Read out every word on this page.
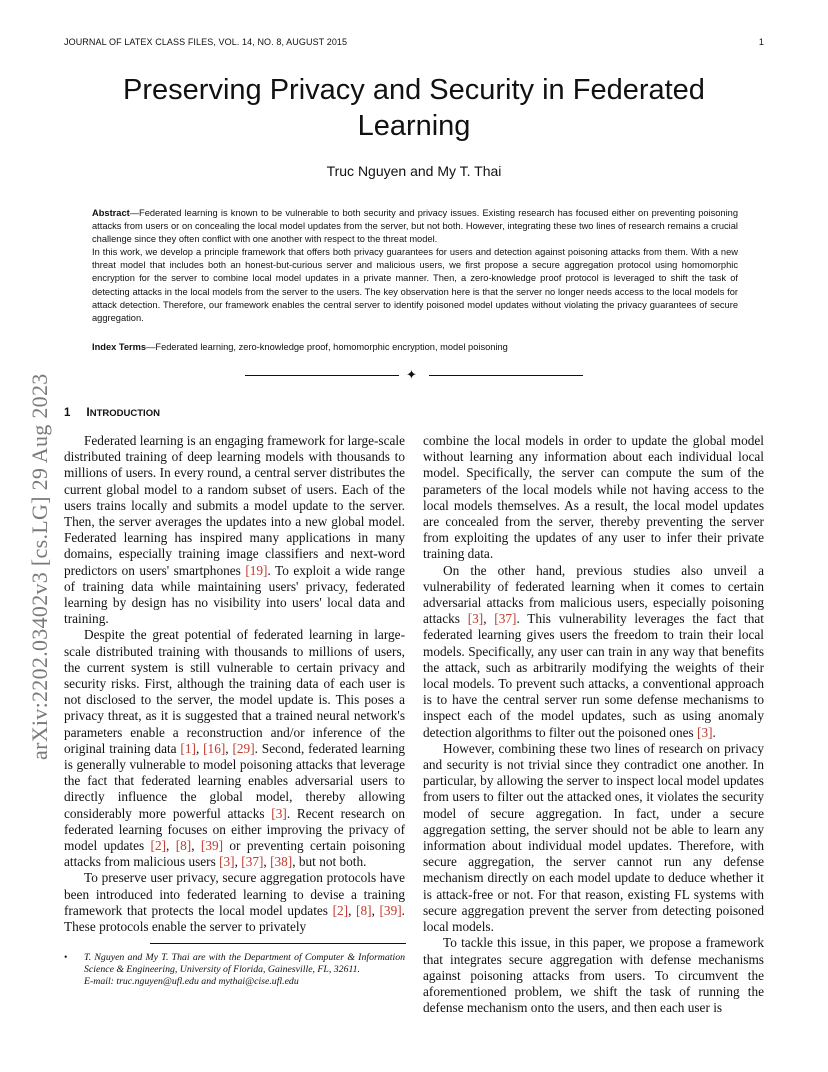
JOURNAL OF LATEX CLASS FILES, VOL. 14, NO. 8, AUGUST 2015	1
Preserving Privacy and Security in Federated Learning
Truc Nguyen and My T. Thai

Abstract—Federated learning is known to be vulnerable to both security and privacy issues. Existing research has focused either on preventing poisoning attacks from users or on concealing the local model updates from the server, but not both. However, integrating these two lines of research remains a crucial challenge since they often conflict with one another with respect to the threat model.

In this work, we develop a principle framework that offers both privacy guarantees for users and detection against poisoning attacks from them. With a new threat model that includes both an honest-but-curious server and malicious users, we first propose a secure aggregation protocol using homomorphic encryption for the server to combine local model updates in a private manner. Then, a zero-knowledge proof protocol is leveraged to shift the task of detecting attacks in the local models from the server to the users. The key observation here is that the server no longer needs access to the local models for attack detection. Therefore, our framework enables the central server to identify poisoned model updates without violating the privacy guarantees of secure aggregation.

Index Terms—Federated learning, zero-knowledge proof, homomorphic encryption, model poisoning
✦
1 INTRODUCTION

Federated learning is an engaging framework for large-scale distributed training of deep learning models with thousands to millions of users. In every round, a central server distributes the current global model to a random subset of users. Each of the users trains locally and submits a model update to the server. Then, the server averages the updates into a new global model. Federated learning has inspired many applications in many domains, especially training image classifiers and next-word predictors on users' smartphones [19]. To exploit a wide range of training data while maintaining users' privacy, federated learning by design has no visibility into users' local data and training.

Despite the great potential of federated learning in large-scale distributed training with thousands to millions of users, the current system is still vulnerable to certain privacy and security risks. First, although the training data of each user is not disclosed to the server, the model update is. This poses a privacy threat, as it is suggested that a trained neural network's parameters enable a reconstruction and/or inference of the original training data [1], [16], [29]. Second, federated learning is generally vulnerable to model poisoning attacks that leverage the fact that federated learning enables adversarial users to directly influence the global model, thereby allowing considerably more powerful attacks [3]. Recent research on federated learning focuses on either improving the privacy of model updates [2], [8], [39] or preventing certain poisoning attacks from malicious users [3], [37], [38], but not both.

To preserve user privacy, secure aggregation protocols have been introduced into federated learning to devise a training framework that protects the local model updates [2], [8], [39]. These protocols enable the server to privately

combine the local models in order to update the global model without learning any information about each individual local model. Specifically, the server can compute the sum of the parameters of the local models while not having access to the local models themselves. As a result, the local model updates are concealed from the server, thereby preventing the server from exploiting the updates of any user to infer their private training data.

On the other hand, previous studies also unveil a vulnerability of federated learning when it comes to certain adversarial attacks from malicious users, especially poisoning attacks [3], [37]. This vulnerability leverages the fact that federated learning gives users the freedom to train their local models. Specifically, any user can train in any way that benefits the attack, such as arbitrarily modifying the weights of their local models. To prevent such attacks, a conventional approach is to have the central server run some defense mechanisms to inspect each of the model updates, such as using anomaly detection algorithms to filter out the poisoned ones [3].

However, combining these two lines of research on privacy and security is not trivial since they contradict one another. In particular, by allowing the server to inspect local model updates from users to filter out the attacked ones, it violates the security model of secure aggregation. In fact, under a secure aggregation setting, the server should not be able to learn any information about individual model updates. Therefore, with secure aggregation, the server cannot run any defense mechanism directly on each model update to deduce whether it is attack-free or not. For that reason, existing FL systems with secure aggregation prevent the server from detecting poisoned local models.

To tackle this issue, in this paper, we propose a framework that integrates secure aggregation with defense mechanisms against poisoning attacks from users. To circumvent the aforementioned problem, we shift the task of running the defense mechanism onto the users, and then each user is

• T. Nguyen and My T. Thai are with the Department of Computer & Information Science & Engineering, University of Florida, Gainesville, FL, 32611.
E-mail: truc.nguyen@ufl.edu and mythai@cise.ufl.edu
arXiv:2202.03402v3 [cs.LG] 29 Aug 2023
